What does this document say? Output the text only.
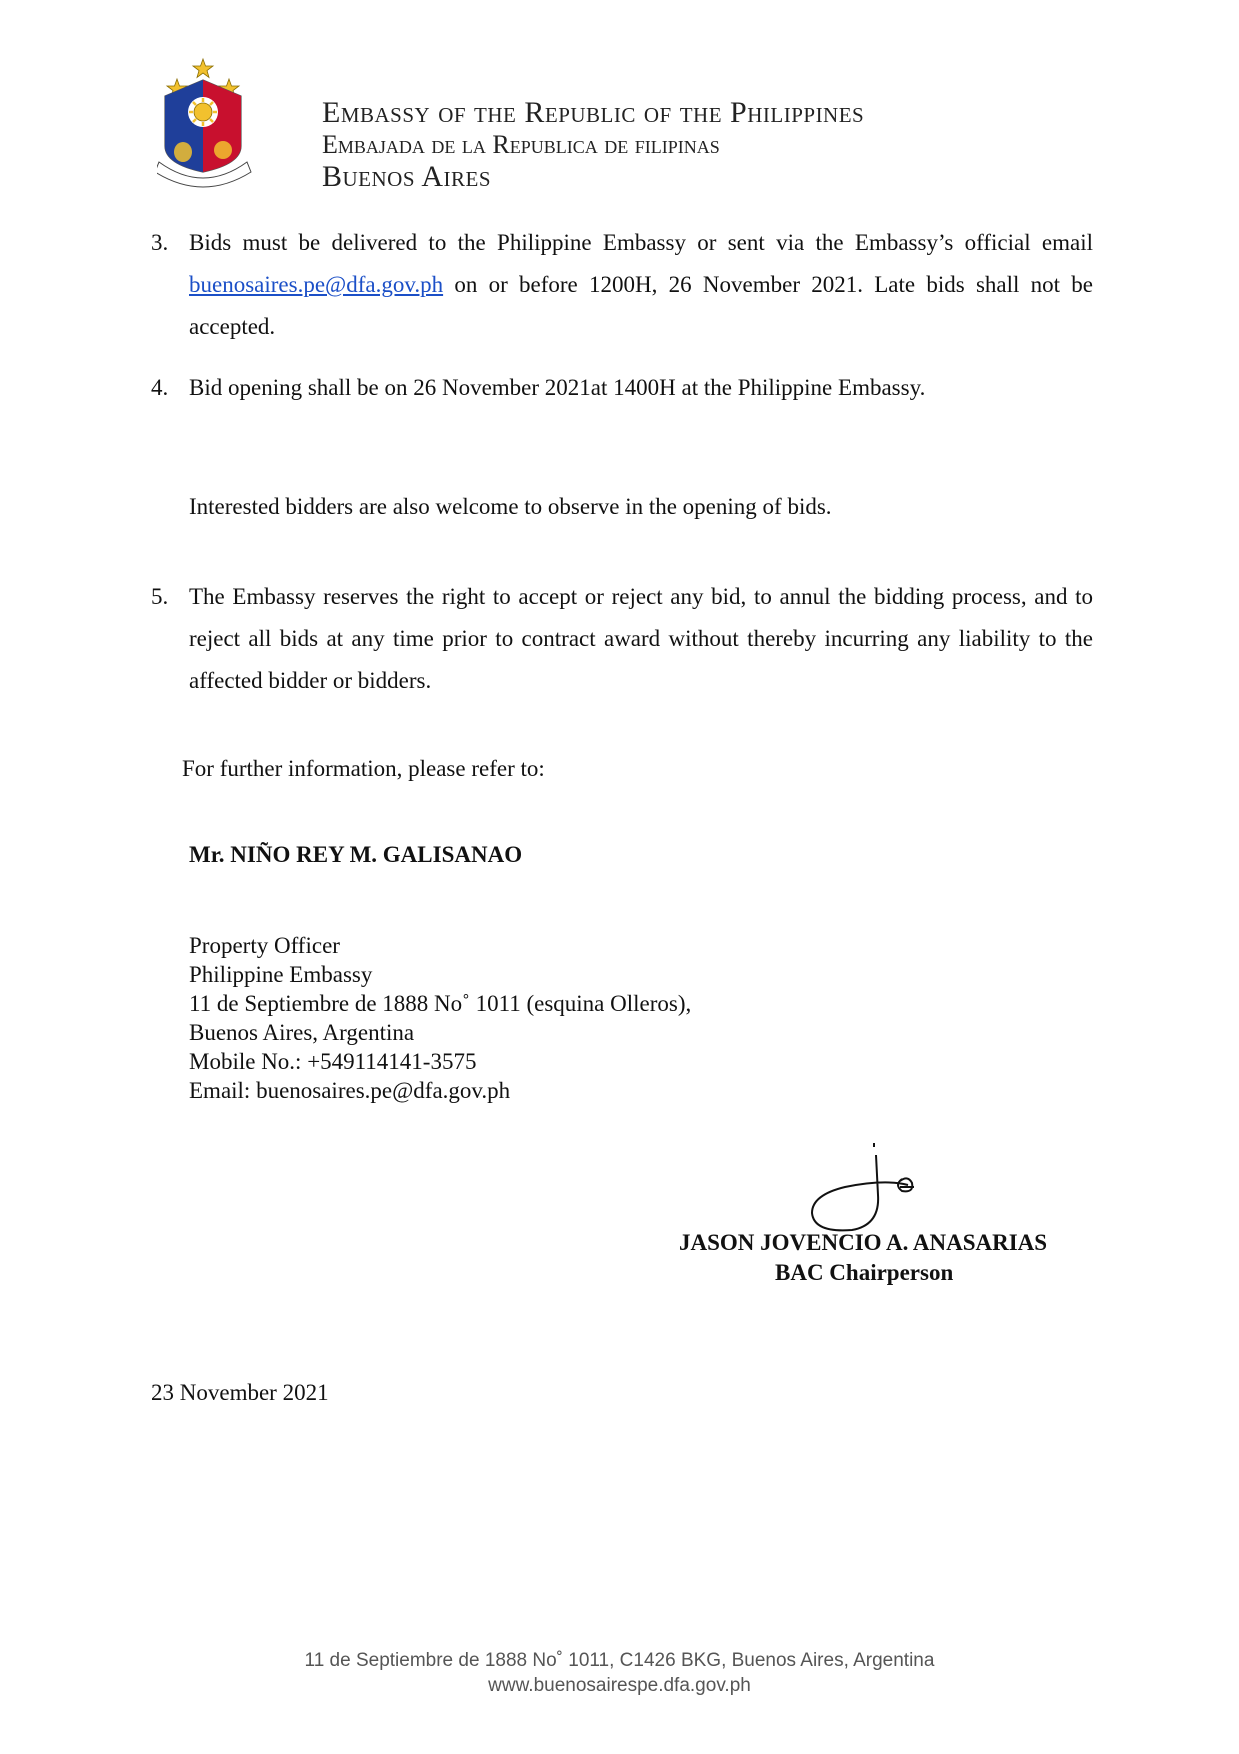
Embassy of the Republic of the Philippines
Embajada de la Republica de filipinas
Buenos Aires
3. Bids must be delivered to the Philippine Embassy or sent via the Embassy’s official email buenosaires.pe@dfa.gov.ph on or before 1200H, 26 November 2021. Late bids shall not be accepted.
4. Bid opening shall be on 26 November 2021at 1400H at the Philippine Embassy.
Interested bidders are also welcome to observe in the opening of bids.
5. The Embassy reserves the right to accept or reject any bid, to annul the bidding process, and to reject all bids at any time prior to contract award without thereby incurring any liability to the affected bidder or bidders.
For further information, please refer to:
Mr. NIÑO REY M. GALISANAO
Property Officer
Philippine Embassy
11 de Septiembre de 1888 No˚ 1011 (esquina Olleros),
Buenos Aires, Argentina
Mobile No.: +549114141-3575
Email: buenosaires.pe@dfa.gov.ph
JASON JOVENCIO A. ANASARIAS
BAC Chairperson
23 November 2021
11 de Septiembre de 1888 No˚ 1011, C1426 BKG, Buenos Aires, Argentina
www.buenosairespe.dfa.gov.ph
